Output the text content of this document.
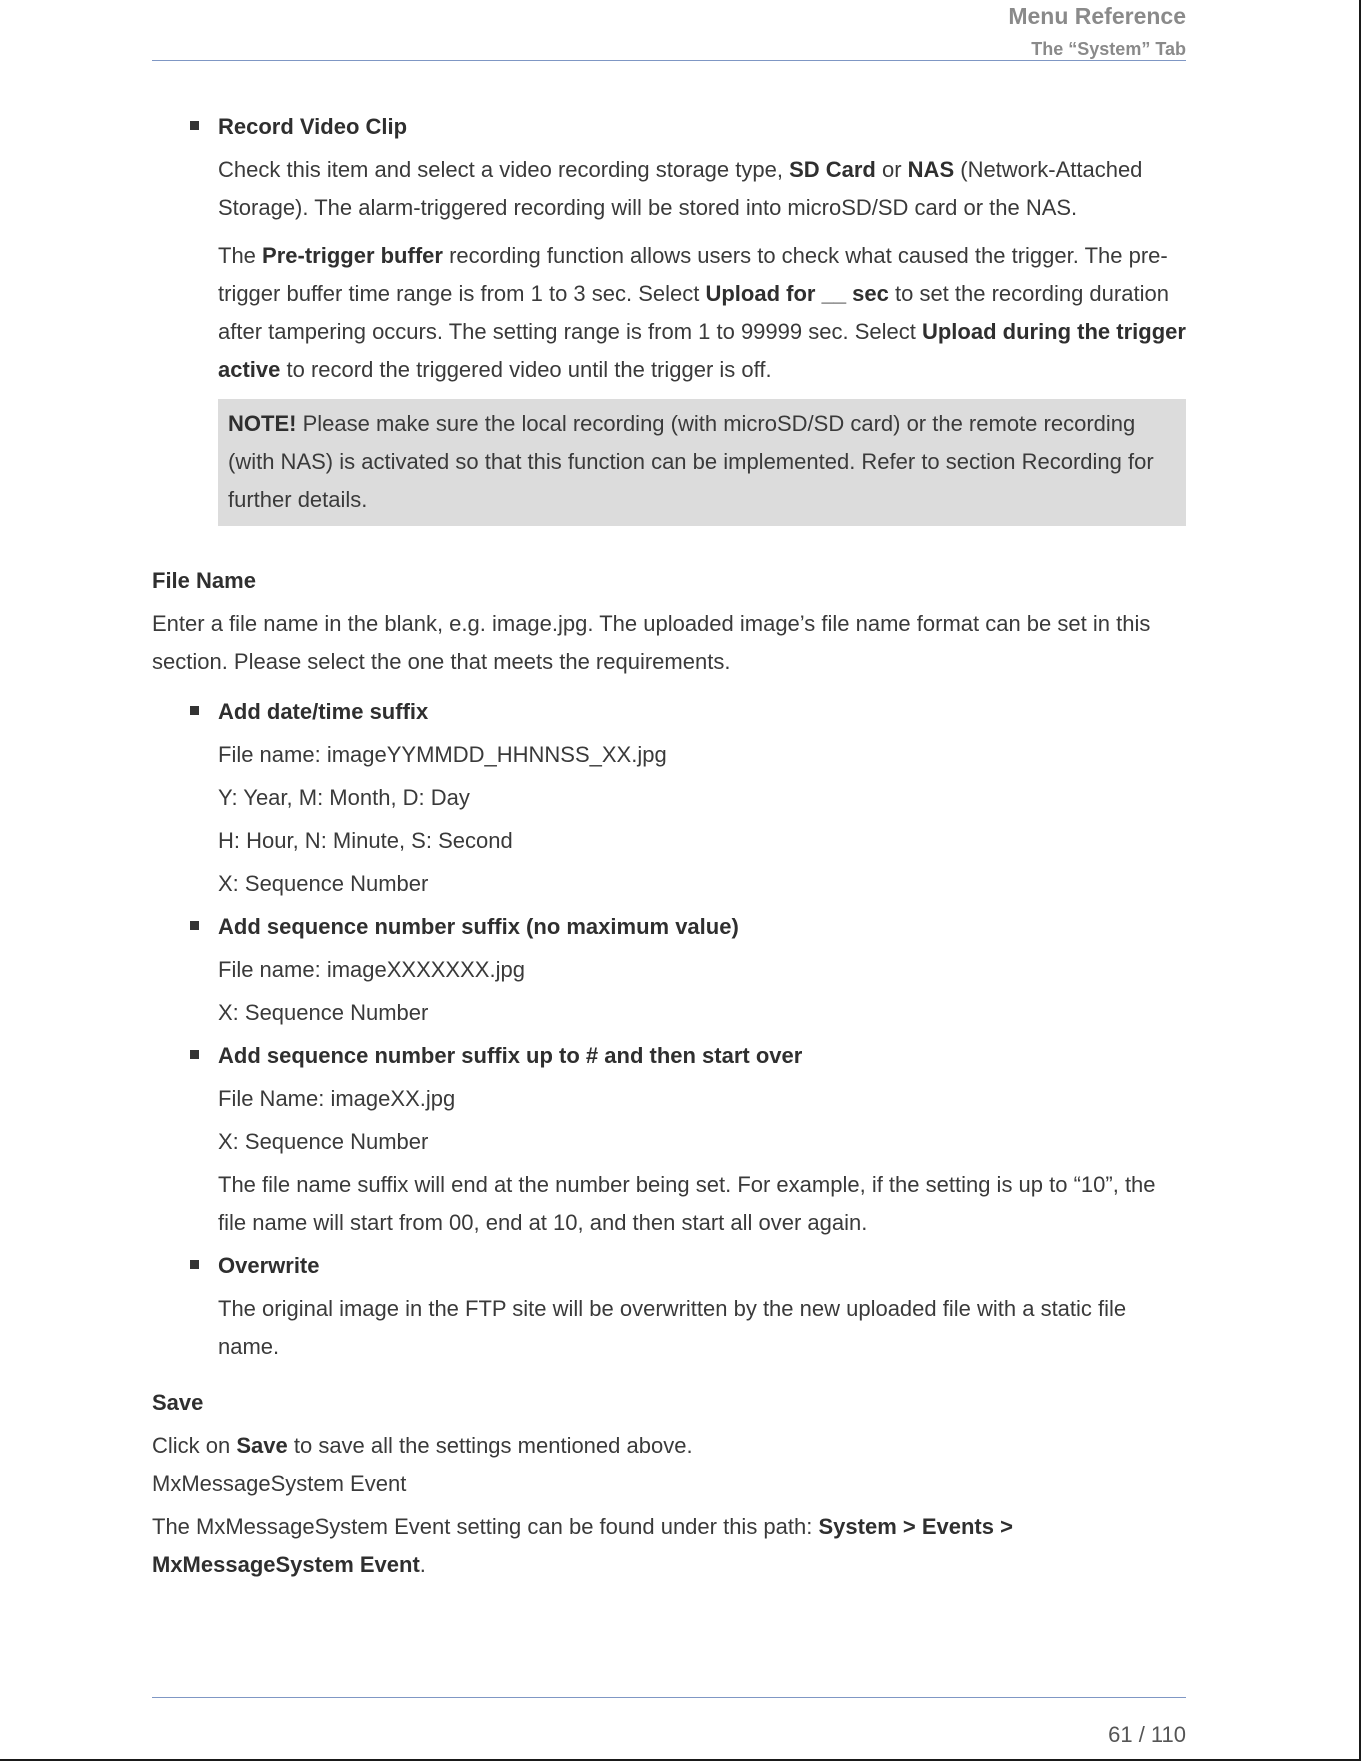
Menu Reference
The “System” Tab
Record Video Clip

Check this item and select a video recording storage type, SD Card or NAS (Network-Attached Storage). The alarm-triggered recording will be stored into microSD/SD card or the NAS.

The Pre-trigger buffer recording function allows users to check what caused the trigger. The pre-trigger buffer time range is from 1 to 3 sec. Select Upload for __ sec to set the recording duration after tampering occurs. The setting range is from 1 to 99999 sec. Select Upload during the trigger active to record the triggered video until the trigger is off.

NOTE! Please make sure the local recording (with microSD/SD card) or the remote recording (with NAS) is activated so that this function can be implemented. Refer to section Recording for further details.

File Name

Enter a file name in the blank, e.g. image.jpg. The uploaded image’s file name format can be set in this section. Please select the one that meets the requirements.

Add date/time suffix

File name: imageYYMMDD_HHNNSS_XX.jpg

Y: Year, M: Month, D: Day

H: Hour, N: Minute, S: Second

X: Sequence Number

Add sequence number suffix (no maximum value)

File name: imageXXXXXXX.jpg

X: Sequence Number

Add sequence number suffix up to # and then start over

File Name: imageXX.jpg

X: Sequence Number

The file name suffix will end at the number being set. For example, if the setting is up to “10”, the file name will start from 00, end at 10, and then start all over again.

Overwrite

The original image in the FTP site will be overwritten by the new uploaded file with a static file name.

Save

Click on Save to save all the settings mentioned above.

MxMessageSystem Event

The MxMessageSystem Event setting can be found under this path: System > Events > MxMessageSystem Event.

61 / 110
